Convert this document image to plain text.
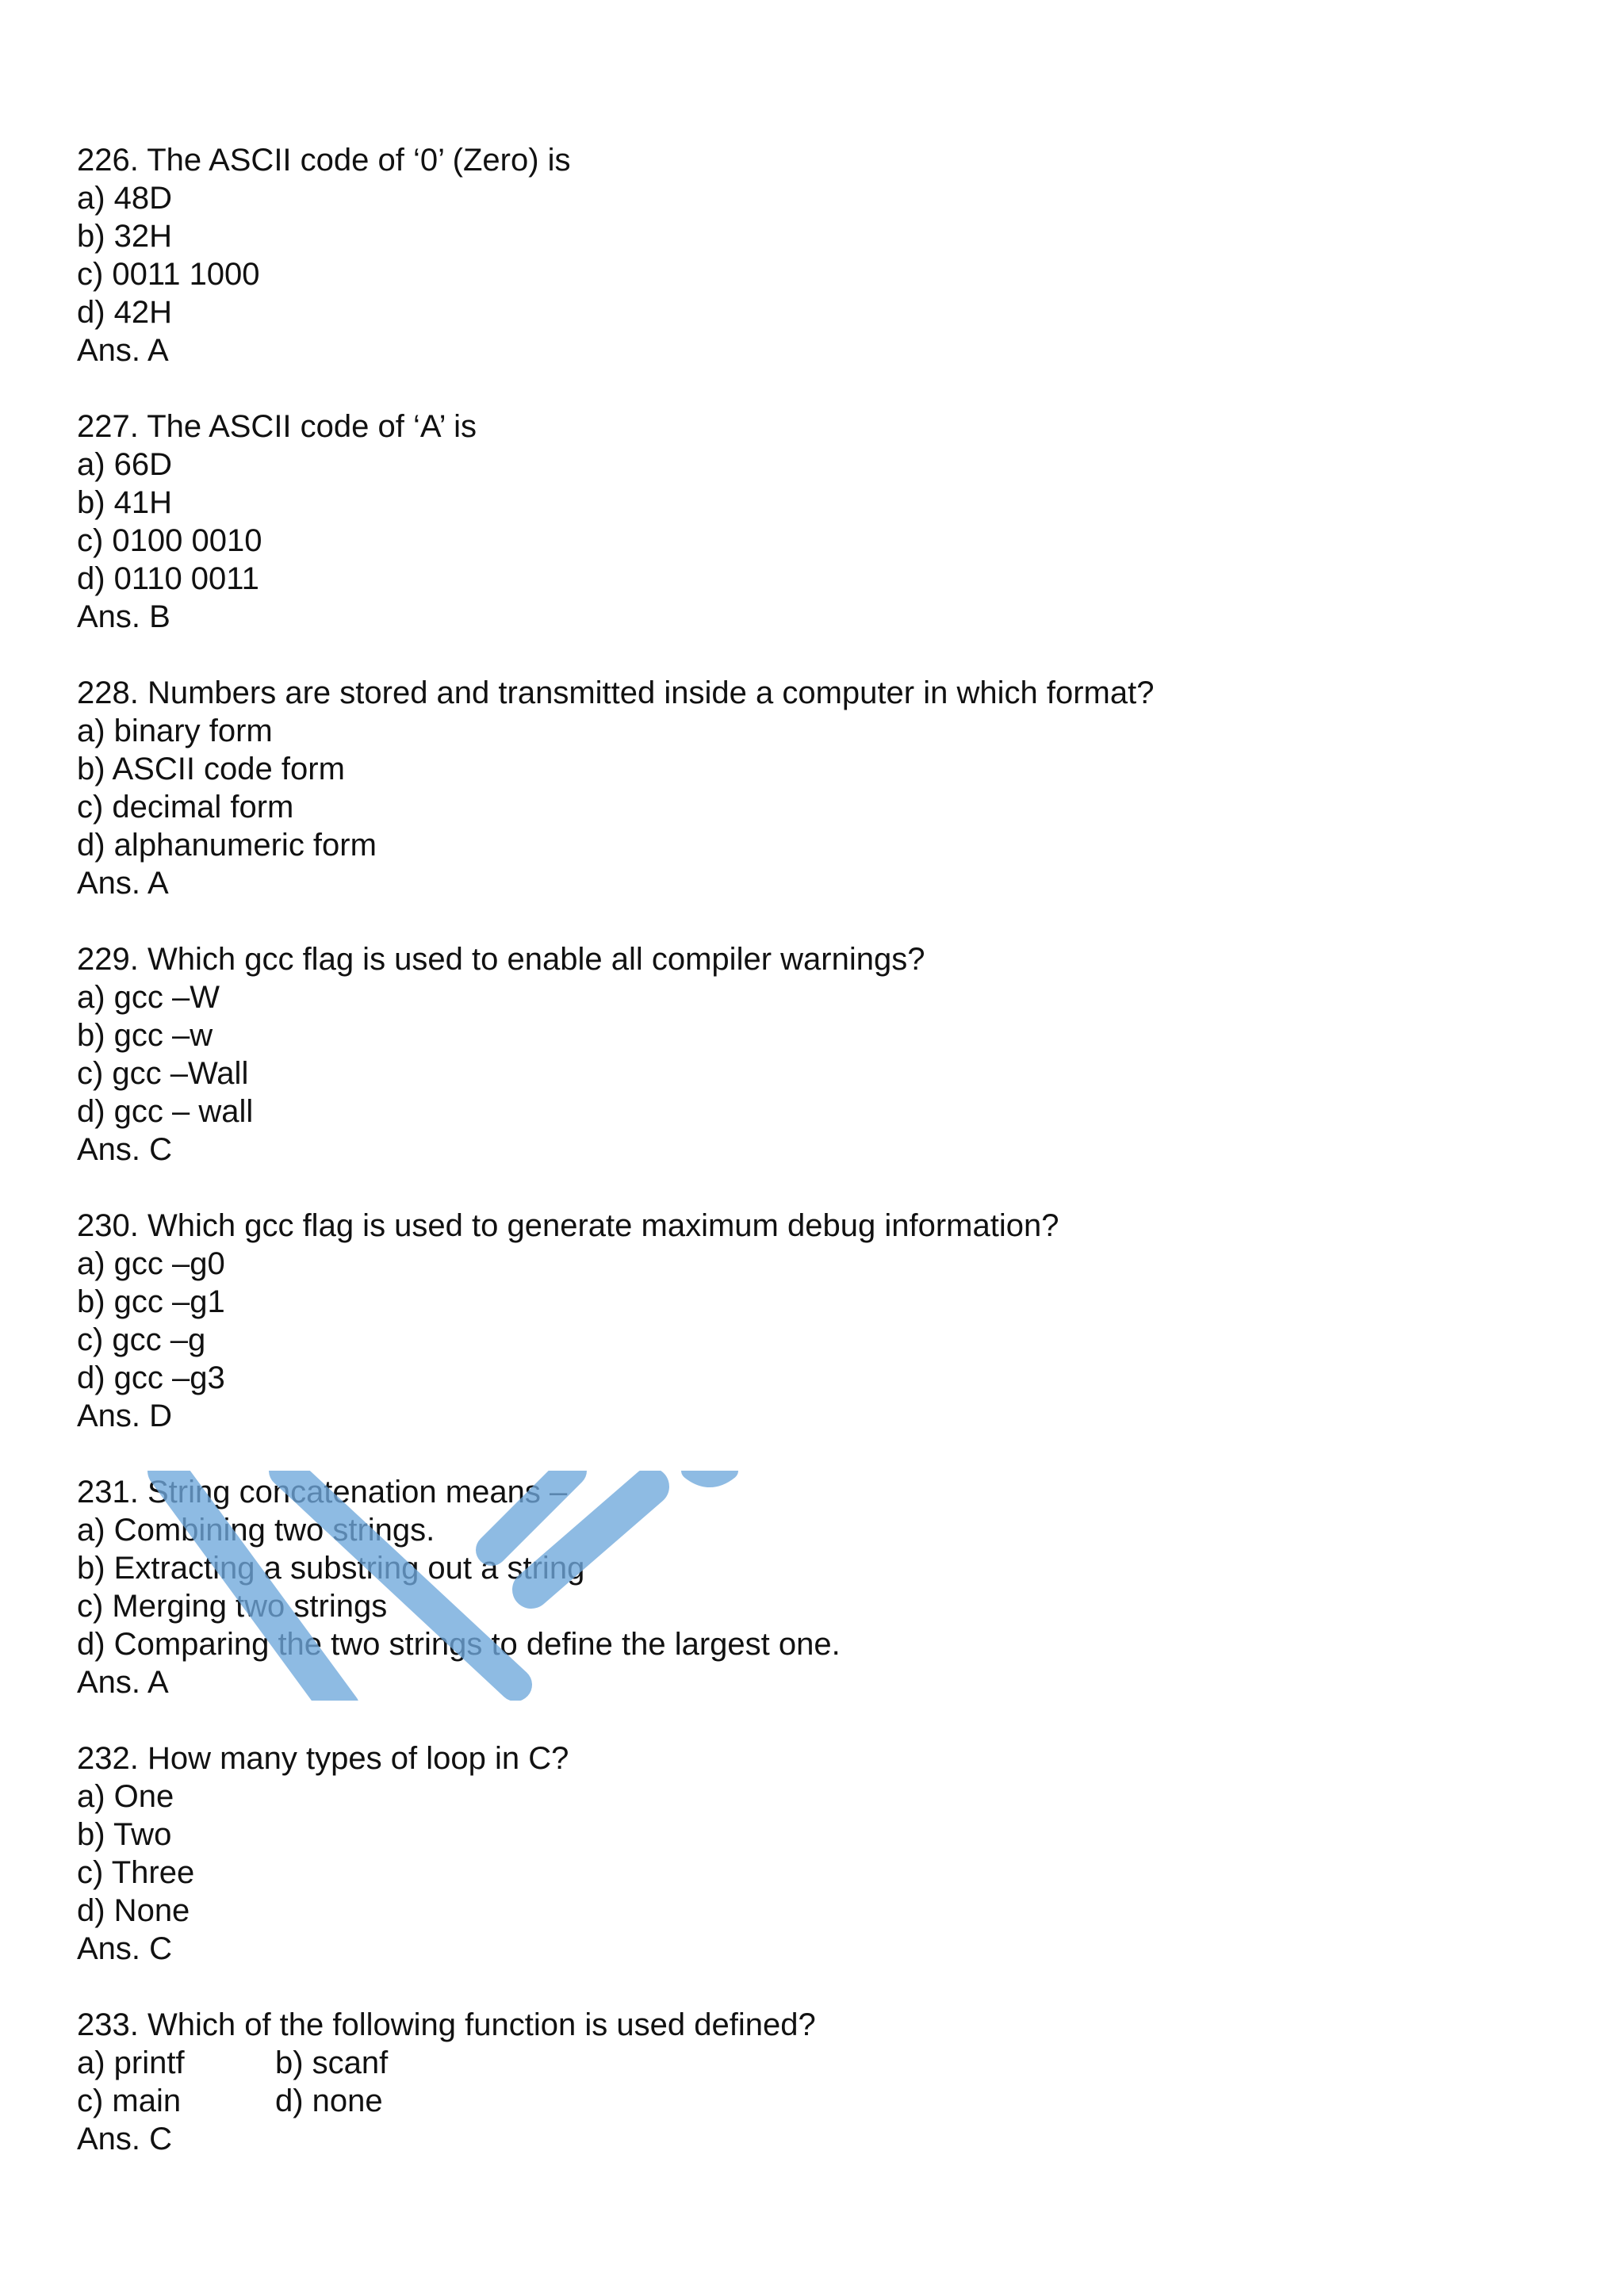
226. The ASCII code of ‘0’ (Zero) is
a) 48D
b) 32H
c) 0011 1000
d) 42H
Ans. A
227. The ASCII code of ‘A’ is
a) 66D
b) 41H
c) 0100 0010
d) 0110 0011
Ans. B
228. Numbers are stored and transmitted inside a computer in which format?
a) binary form
b) ASCII code form
c) decimal form
d) alphanumeric form
Ans. A
229. Which gcc flag is used to enable all compiler warnings?
a) gcc –W
b) gcc –w
c) gcc –Wall
d) gcc – wall
Ans. C
230. Which gcc flag is used to generate maximum debug information?
a) gcc –g0
b) gcc –g1
c) gcc –g
d) gcc –g3
Ans. D
231. String concatenation means –
a) Combining two strings.
b) Extracting a substring out a string
c) Merging two strings
d) Comparing the two strings to define the largest one.
Ans. A
232. How many types of loop in C?
a) One
b) Two
c) Three
d) None
Ans. C
233. Which of the following function is used defined?
a) printf	b) scanf
c) main	d) none
Ans. C
